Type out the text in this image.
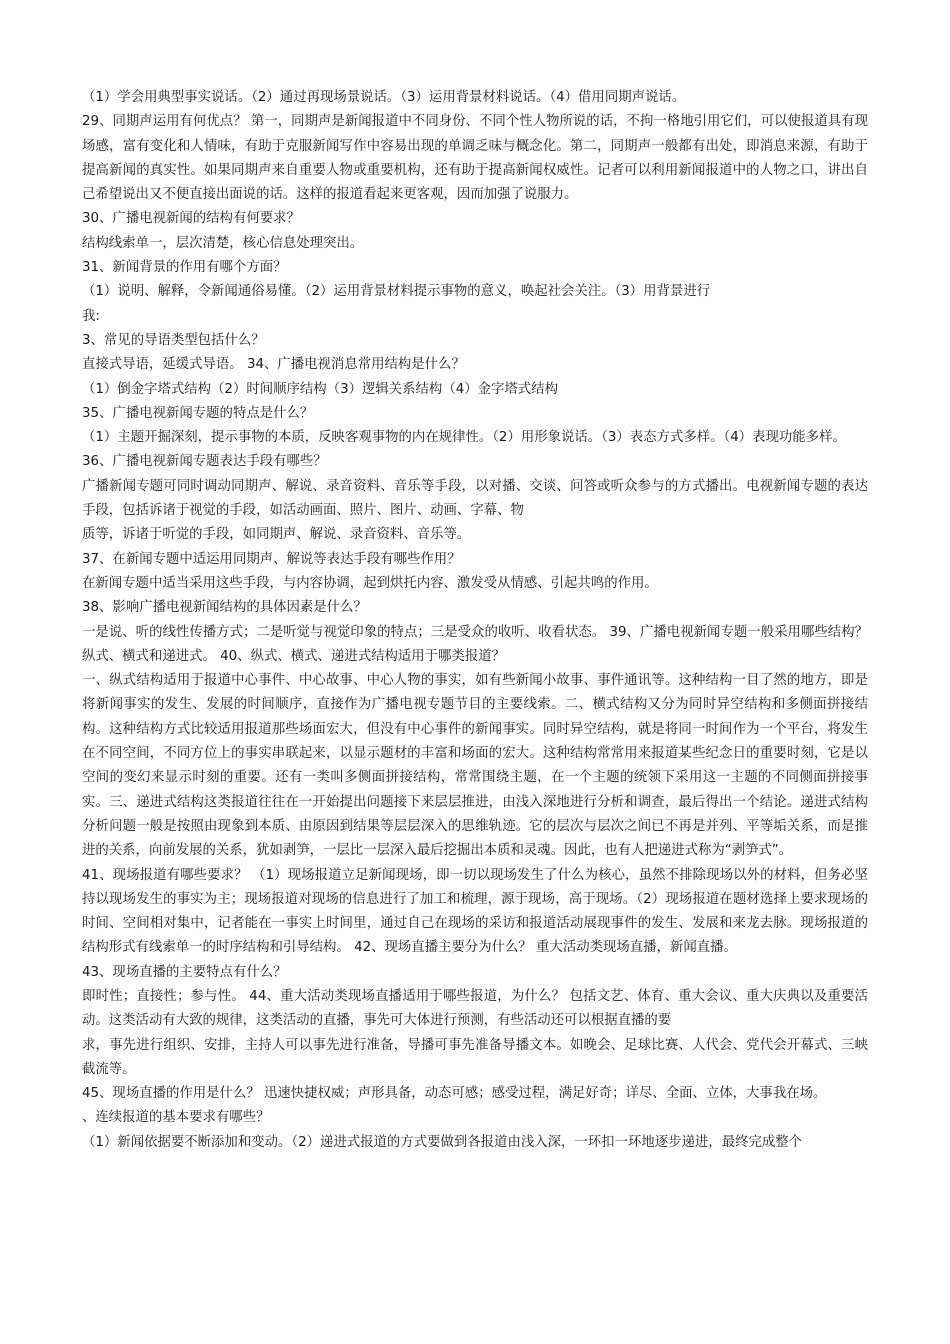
（1）学会用典型事实说话。（2）通过再现场景说话。（3）运用背景材料说话。（4）借用同期声说话。
29、同期声运用有何优点？ 第一，同期声是新闻报道中不同身份、不同个性人物所说的话，不拘一格地引用它们，可以使报道具有现场感，富有变化和人情味，有助于克服新闻写作中容易出现的单调乏味与概念化。第二，同期声一般都有出处，即消息来源，有助于提高新闻的真实性。如果同期声来自重要人物或重要机构，还有助于提高新闻权威性。记者可以利用新闻报道中的人物之口，讲出自己希望说出又不便直接出面说的话。这样的报道看起来更客观，因而加强了说服力。
30、广播电视新闻的结构有何要求？
结构线索单一，层次清楚，核心信息处理突出。
31、新闻背景的作用有哪个方面？
（1）说明、解释，令新闻通俗易懂。（2）运用背景材料提示事物的意义，唤起社会关注。（3）用背景进行
我:
3、常见的导语类型包括什么？
直接式导语，延缓式导语。 34、广播电视消息常用结构是什么？
（1）倒金字塔式结构（2）时间顺序结构（3）逻辑关系结构（4）金字塔式结构
35、广播电视新闻专题的特点是什么？
（1）主题开掘深刻，提示事物的本质，反映客观事物的内在规律性。（2）用形象说话。（3）表态方式多样。（4）表现功能多样。
36、广播电视新闻专题表达手段有哪些？
广播新闻专题可同时调动同期声、解说、录音资料、音乐等手段，以对播、交谈、问答或听众参与的方式播出。电视新闻专题的表达手段，包括诉诸于视觉的手段，如活动画面、照片、图片、动画、字幕、物
质等，诉诸于听觉的手段，如同期声、解说、录音资料、音乐等。
37、在新闻专题中适运用同期声、解说等表达手段有哪些作用？
在新闻专题中适当采用这些手段，与内容协调，起到烘托内容、激发受从情感、引起共鸣的作用。
38、影响广播电视新闻结构的具体因素是什么？
一是说、听的线性传播方式；二是听觉与视觉印象的特点；三是受众的收听、收看状态。 39、广播电视新闻专题一般采用哪些结构？ 纵式、横式和递进式。 40、纵式、横式、递进式结构适用于哪类报道？
一、纵式结构适用于报道中心事件、中心故事、中心人物的事实，如有些新闻小故事、事件通讯等。这种结构一目了然的地方，即是将新闻事实的发生、发展的时间顺序，直接作为广播电视专题节目的主要线索。二、横式结构又分为同时异空结构和多侧面拼接结构。这种结构方式比较适用报道那些场面宏大，但没有中心事件的新闻事实。同时异空结构，就是将同一时间作为一个平台，将发生在不同空间，不同方位上的事实串联起来，以显示题材的丰富和场面的宏大。这种结构常常用来报道某些纪念日的重要时刻，它是以空间的变幻来显示时刻的重要。还有一类叫多侧面拼接结构，常常围绕主题，在一个主题的统领下采用这一主题的不同侧面拼接事实。三、递进式结构这类报道往往在一开始提出问题接下来层层推进，由浅入深地进行分析和调查，最后得出一个结论。递进式结构分析问题一般是按照由现象到本质、由原因到结果等层层深入的思维轨迹。它的层次与层次之间已不再是并列、平等垢关系，而是推进的关系，向前发展的关系，犹如剥笋，一层比一层深入最后挖掘出本质和灵魂。因此，也有人把递进式称为“剥笋式”。
41、现场报道有哪些要求？ （1）现场报道立足新闻现场，即一切以现场发生了什么为核心，虽然不排除现场以外的材料，但务必坚持以现场发生的事实为主；现场报道对现场的信息进行了加工和梳理，源于现场，高于现场。（2）现场报道在题材选择上要求现场的时间、空间相对集中，记者能在一事实上时间里，通过自己在现场的采访和报道活动展现事件的发生、发展和来龙去脉。现场报道的结构形式有线索单一的时序结构和引导结构。 42、现场直播主要分为什么？ 重大活动类现场直播，新闻直播。
43、现场直播的主要特点有什么？
即时性；直接性；参与性。 44、重大活动类现场直播适用于哪些报道，为什么？ 包括文艺、体育、重大会议、重大庆典以及重要活动。这类活动有大致的规律，这类活动的直播，事先可大体进行预测，有些活动还可以根据直播的要
求，事先进行组织、安排，主持人可以事先进行准备，导播可事先准备导播文本。如晚会、足球比赛、人代会、党代会开幕式、三峡截流等。
45、现场直播的作用是什么？ 迅速快捷权威；声形具备，动态可感；感受过程，满足好奇；详尽、全面、立体，大事我在场。
、连续报道的基本要求有哪些？
（1）新闻依据要不断添加和变动。（2）递进式报道的方式要做到各报道由浅入深，一环扣一环地逐步递进，最终完成整个
